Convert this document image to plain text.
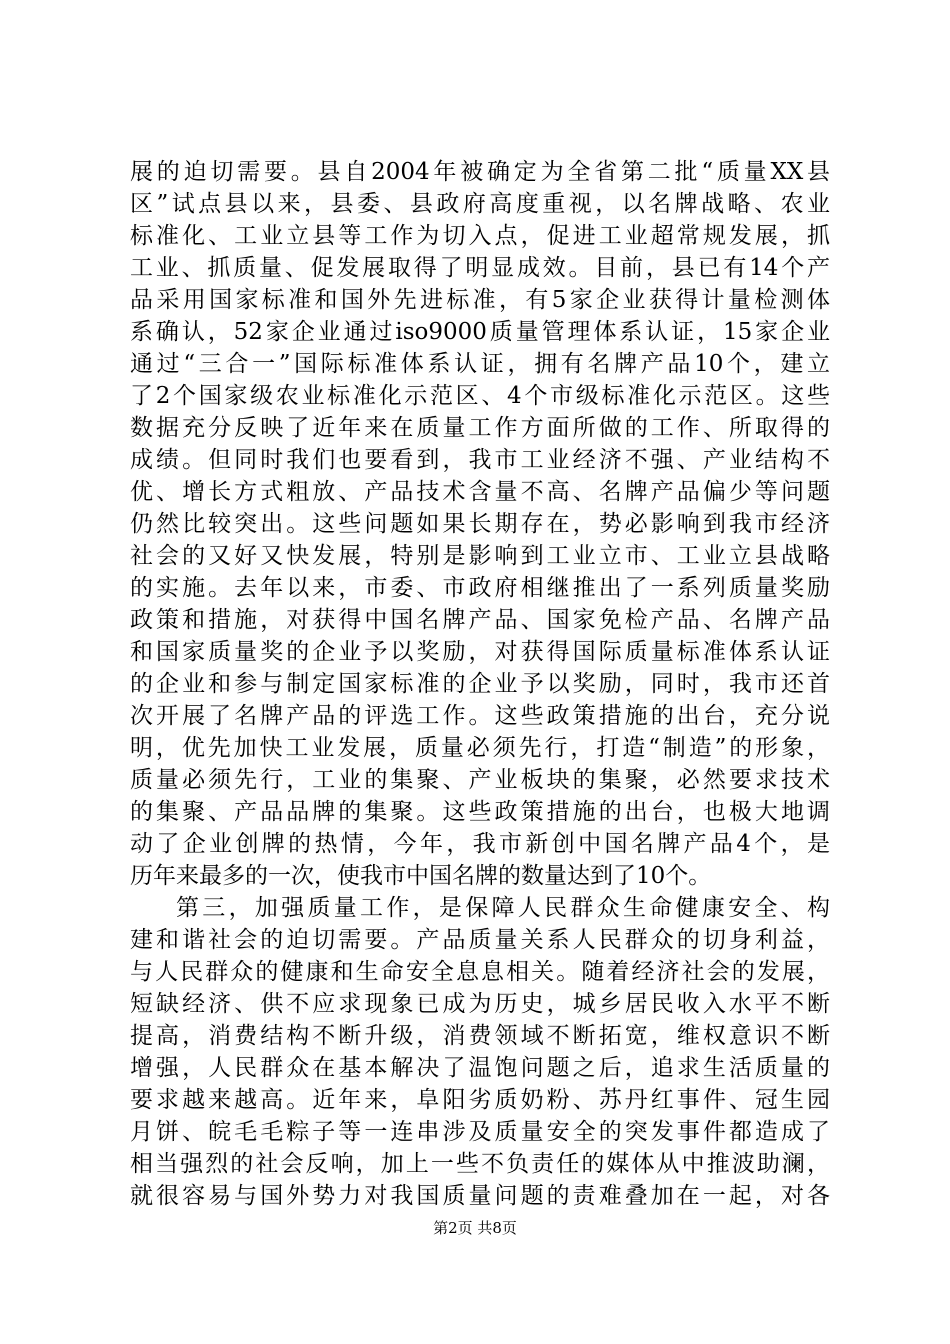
展的迫切需要。县自2004年被确定为全省第二批“质量XX县
区”试点县以来，县委、县政府高度重视，以名牌战略、农业
标准化、工业立县等工作为切入点，促进工业超常规发展，抓
工业、抓质量、促发展取得了明显成效。目前，县已有14个产
品采用国家标准和国外先进标准，有5家企业获得计量检测体
系确认，52家企业通过iso9000质量管理体系认证，15家企业
通过“三合一”国际标准体系认证，拥有名牌产品10个，建立
了2个国家级农业标准化示范区、4个市级标准化示范区。这些
数据充分反映了近年来在质量工作方面所做的工作、所取得的
成绩。但同时我们也要看到，我市工业经济不强、产业结构不
优、增长方式粗放、产品技术含量不高、名牌产品偏少等问题
仍然比较突出。这些问题如果长期存在，势必影响到我市经济
社会的又好又快发展，特别是影响到工业立市、工业立县战略
的实施。去年以来，市委、市政府相继推出了一系列质量奖励
政策和措施，对获得中国名牌产品、国家免检产品、名牌产品
和国家质量奖的企业予以奖励，对获得国际质量标准体系认证
的企业和参与制定国家标准的企业予以奖励，同时，我市还首
次开展了名牌产品的评选工作。这些政策措施的出台，充分说
明，优先加快工业发展，质量必须先行，打造“制造”的形象，
质量必须先行，工业的集聚、产业板块的集聚，必然要求技术
的集聚、产品品牌的集聚。这些政策措施的出台，也极大地调
动了企业创牌的热情，今年，我市新创中国名牌产品4个，是
历年来最多的一次，使我市中国名牌的数量达到了10个。
第三，加强质量工作，是保障人民群众生命健康安全、构
建和谐社会的迫切需要。产品质量关系人民群众的切身利益，
与人民群众的健康和生命安全息息相关。随着经济社会的发展，
短缺经济、供不应求现象已成为历史，城乡居民收入水平不断
提高，消费结构不断升级，消费领域不断拓宽，维权意识不断
增强，人民群众在基本解决了温饱问题之后，追求生活质量的
要求越来越高。近年来，阜阳劣质奶粉、苏丹红事件、冠生园
月饼、皖毛毛粽子等一连串涉及质量安全的突发事件都造成了
相当强烈的社会反响，加上一些不负责任的媒体从中推波助澜，
就很容易与国外势力对我国质量问题的责难叠加在一起，对各
第2页 共8页
